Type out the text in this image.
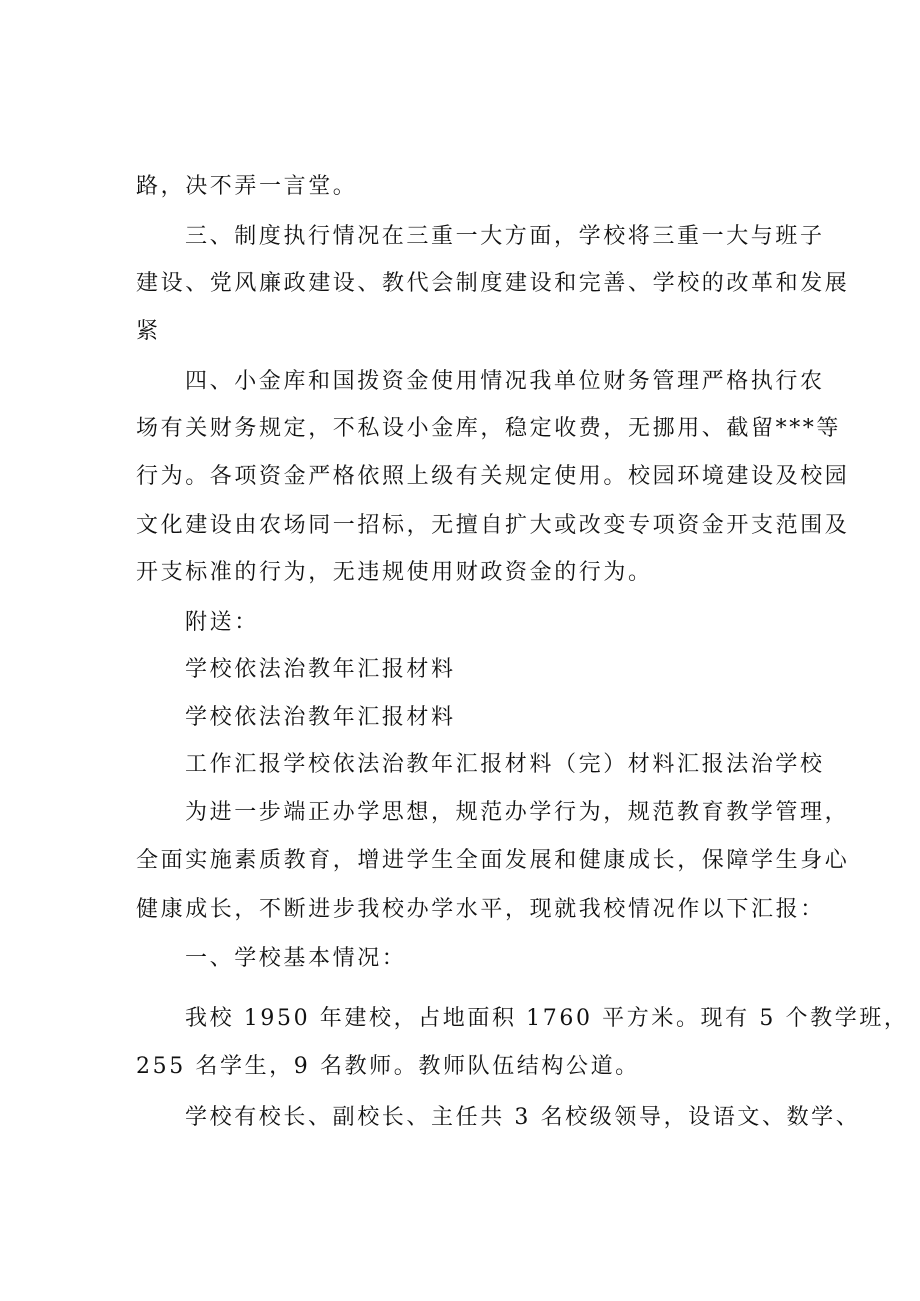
路，决不弄一言堂。
三、制度执行情况在三重一大方面，学校将三重一大与班子
建设、党风廉政建设、教代会制度建设和完善、学校的改革和发展
紧
四、小金库和国拨资金使用情况我单位财务管理严格执行农
场有关财务规定，不私设小金库，稳定收费，无挪用、截留***等
行为。各项资金严格依照上级有关规定使用。校园环境建设及校园
文化建设由农场同一招标，无擅自扩大或改变专项资金开支范围及
开支标准的行为，无违规使用财政资金的行为。
附送：
学校依法治教年汇报材料
学校依法治教年汇报材料
工作汇报学校依法治教年汇报材料（完）材料汇报法治学校
为进一步端正办学思想，规范办学行为，规范教育教学管理，
全面实施素质教育，增进学生全面发展和健康成长，保障学生身心
健康成长，不断进步我校办学水平，现就我校情况作以下汇报：
一、学校基本情况：
我校 1950 年建校，占地面积 1760 平方米。现有 5 个教学班，
255 名学生，9 名教师。教师队伍结构公道。
学校有校长、副校长、主任共 3 名校级领导，设语文、数学、
